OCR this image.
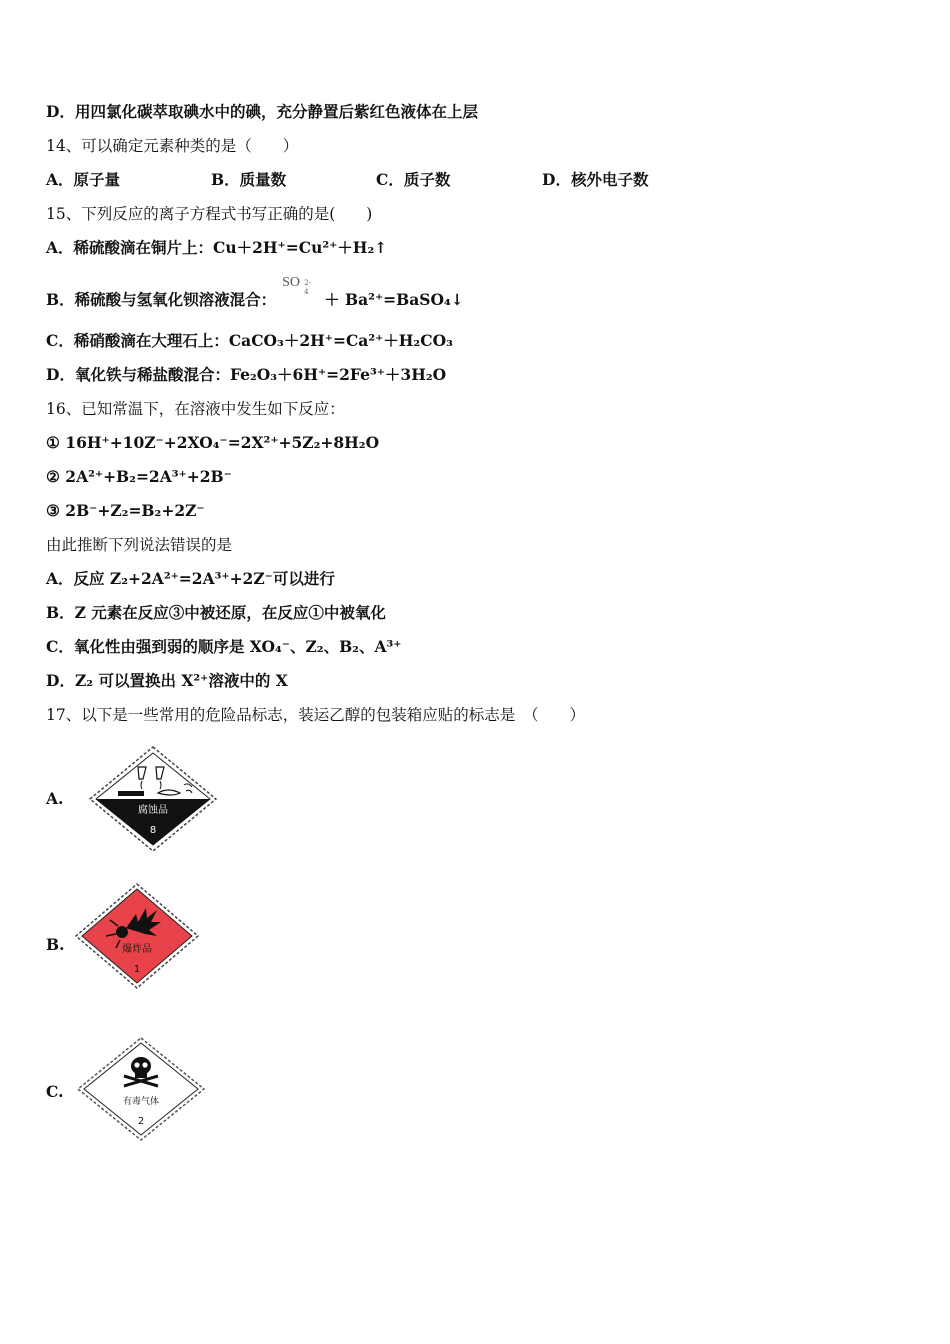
D．用四氯化碳萃取碘水中的碘，充分静置后紫红色液体在上层
14、可以确定元素种类的是（　　）
A．原子量	B．质量数	C．质子数	D．核外电子数
15、下列反应的离子方程式书写正确的是(　　)
A．稀硫酸滴在铜片上：Cu＋2H⁺=Cu²⁺＋H₂↑
B．稀硫酸与氢氧化钡溶液混合：
SO 2-
4 ＋ Ba²⁺=BaSO₄↓
C．稀硝酸滴在大理石上：CaCO₃＋2H⁺=Ca²⁺＋H₂CO₃
D．氧化铁与稀盐酸混合：Fe₂O₃＋6H⁺=2Fe³⁺＋3H₂O
16、已知常温下，在溶液中发生如下反应：
① 16H⁺+10Z⁻+2XO₄⁻=2X²⁺+5Z₂+8H₂O
② 2A²⁺+B₂=2A³⁺+2B⁻
③ 2B⁻+Z₂=B₂+2Z⁻
由此推断下列说法错误的是
A．反应 Z₂+2A²⁺=2A³⁺+2Z⁻可以进行
B．Z 元素在反应③中被还原，在反应①中被氧化
C．氧化性由强到弱的顺序是 XO₄⁻、Z₂、B₂、A³⁺
D．Z₂ 可以置换出 X²⁺溶液中的 X
17、以下是一些常用的危险品标志，装运乙醇的包装箱应贴的标志是　（　　）
A.
腐蚀品
8
B.	爆炸品
1
C.
有毒气体
2
